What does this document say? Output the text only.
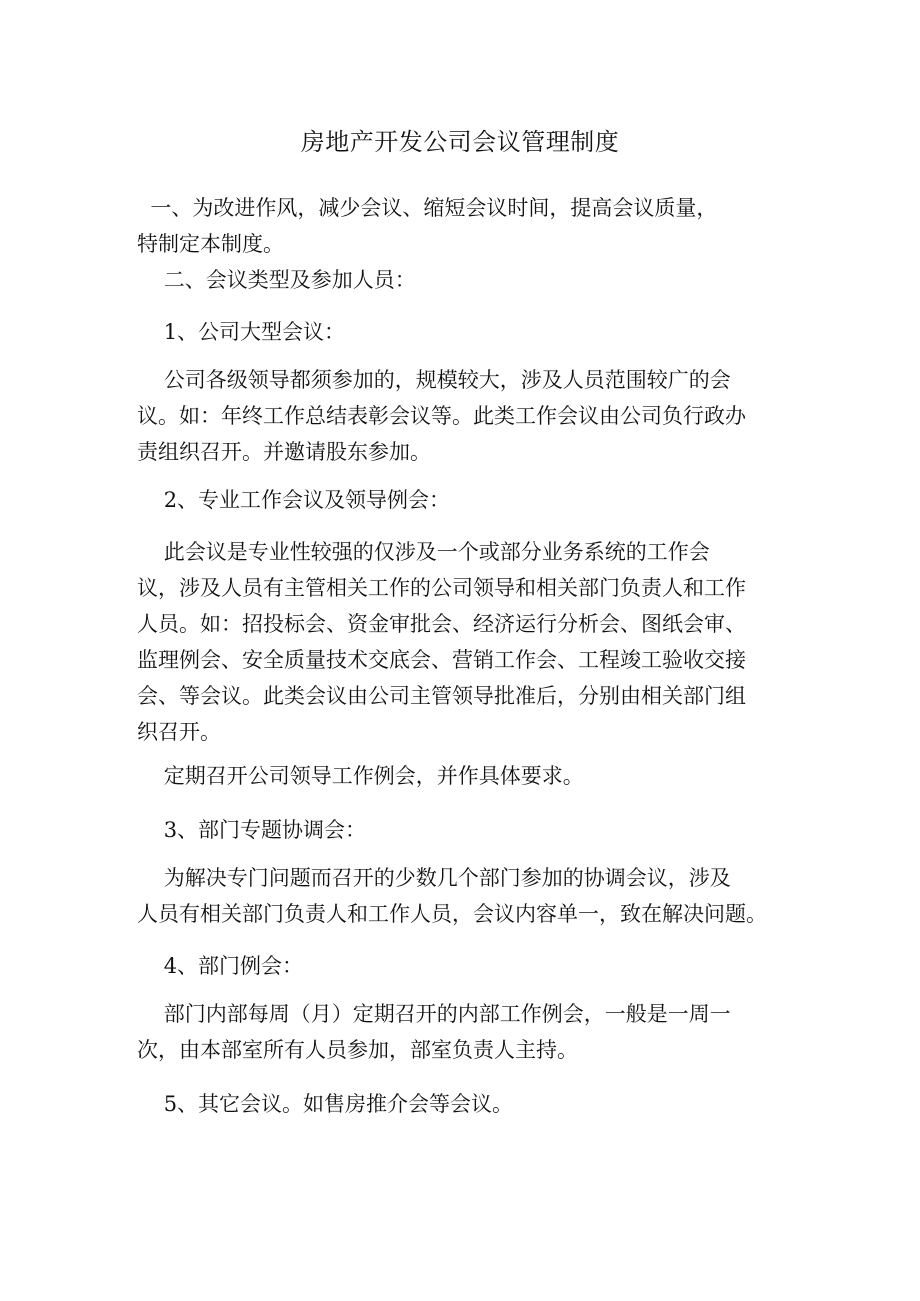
房地产开发公司会议管理制度
一、为改进作风，减少会议、缩短会议时间，提高会议质量，
特制定本制度。
二、会议类型及参加人员：
1、公司大型会议：
公司各级领导都须参加的，规模较大，涉及人员范围较广的会
议。如：年终工作总结表彰会议等。此类工作会议由公司负行政办
责组织召开。并邀请股东参加。
2、专业工作会议及领导例会：
此会议是专业性较强的仅涉及一个或部分业务系统的工作会
议，涉及人员有主管相关工作的公司领导和相关部门负责人和工作
人员。如：招投标会、资金审批会、经济运行分析会、图纸会审、
监理例会、安全质量技术交底会、营销工作会、工程竣工验收交接
会、等会议。此类会议由公司主管领导批准后，分别由相关部门组
织召开。
定期召开公司领导工作例会，并作具体要求。
3、部门专题协调会：
为解决专门问题而召开的少数几个部门参加的协调会议，涉及
人员有相关部门负责人和工作人员，会议内容单一，致在解决问题。
4、部门例会：
部门内部每周（月）定期召开的内部工作例会，一般是一周一
次，由本部室所有人员参加，部室负责人主持。
5、其它会议。如售房推介会等会议。
